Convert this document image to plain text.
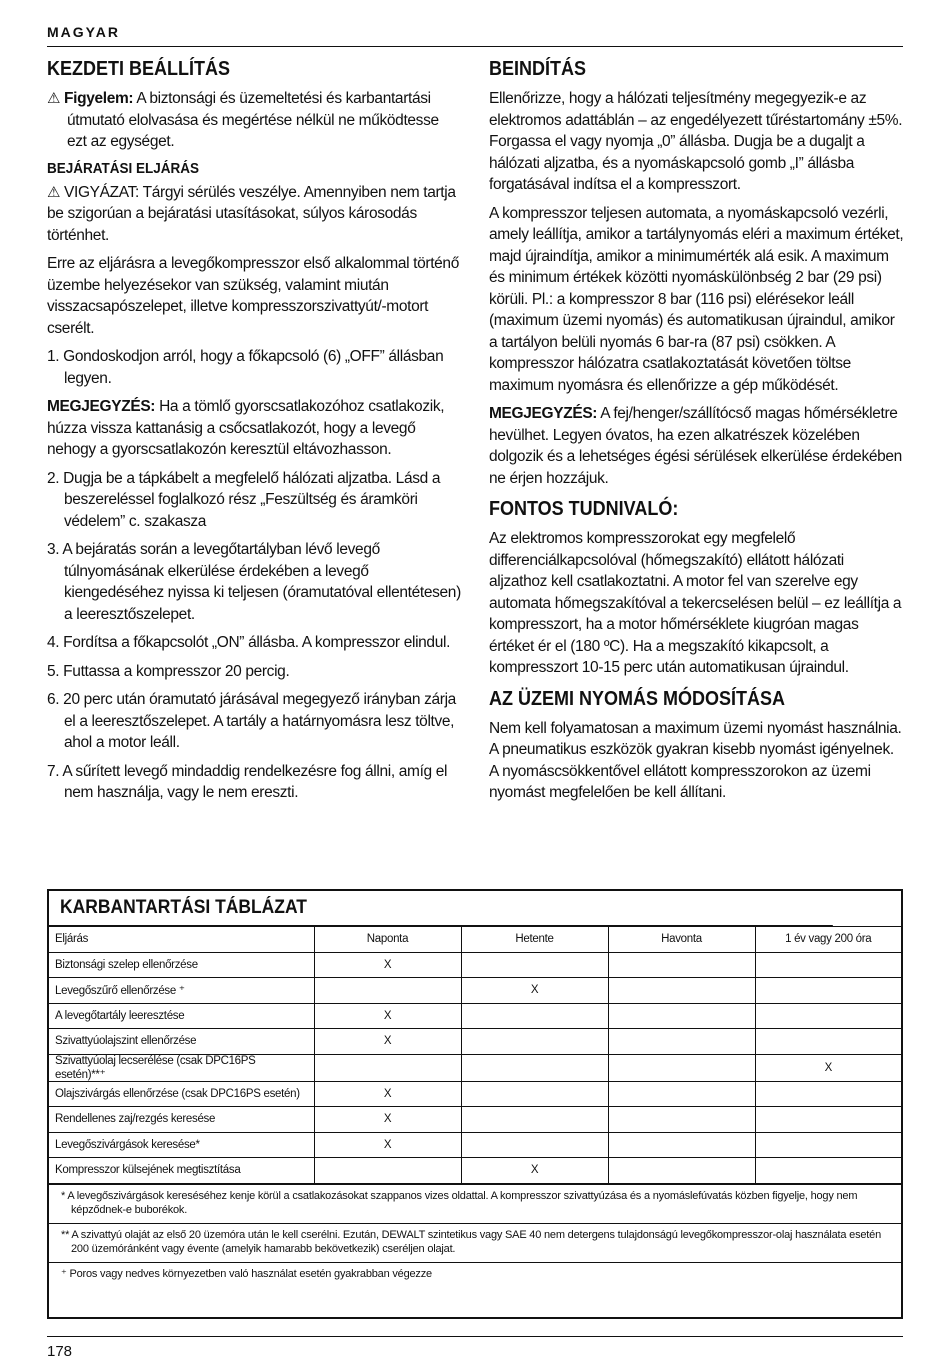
MAGYAR
KEZDETI BEÁLLÍTÁS

⚠ Figyelem: A biztonsági és üzemeltetési és karbantartási útmutató elolvasása és megértése nélkül ne működtesse ezt az egységet.

BEJÁRATÁSI ELJÁRÁS

⚠ VIGYÁZAT: Tárgyi sérülés veszélye. Amennyiben nem tartja be szigorúan a bejáratási utasításokat, súlyos károsodás történhet.

Erre az eljárásra a levegőkompresszor első alkalommal történő üzembe helyezésekor van szükség, valamint miután visszacsapószelepet, illetve kompresszorszivattyút/-motort cserélt.

1. Gondoskodjon arról, hogy a főkapcsoló (6) „OFF” állásban legyen.

MEGJEGYZÉS: Ha a tömlő gyorscsatlakozóhoz csatlakozik, húzza vissza kattanásig a csőcsatlakozót, hogy a levegő nehogy a gyorscsatlakozón keresztül eltávozhasson.

2. Dugja be a tápkábelt a megfelelő hálózati aljzatba. Lásd a beszereléssel foglalkozó rész „Feszültség és áramköri védelem” c. szakasza

3. A bejáratás során a levegőtartályban lévő levegő túlnyomásának elkerülése érdekében a levegő kiengedéséhez nyissa ki teljesen (óramutatóval ellentétesen) a leeresztőszelepet.

4. Fordítsa a főkapcsolót „ON” állásba. A kompresszor elindul.

5. Futtassa a kompresszor 20 percig.

6. 20 perc után óramutató járásával megegyező irányban zárja el a leeresztőszelepet. A tartály a határnyomásra lesz töltve, ahol a motor leáll.

7. A sűrített levegő mindaddig rendelkezésre fog állni, amíg el nem használja, vagy le nem ereszti.

BEINDÍTÁS

Ellenőrizze, hogy a hálózati teljesítmény megegyezik-e az elektromos adattáblán – az engedélyezett tűréstartomány ±5%. Forgassa el vagy nyomja „0” állásba. Dugja be a dugaljt a hálózati aljzatba, és a nyomáskapcsoló gomb „I” állásba forgatásával indítsa el a kompresszort.

A kompresszor teljesen automata, a nyomáskapcsoló vezérli, amely leállítja, amikor a tartálynyomás eléri a maximum értéket, majd újraindítja, amikor a minimumérték alá esik. A maximum és minimum értékek közötti nyomáskülönbség 2 bar (29 psi) körüli. Pl.: a kompresszor 8 bar (116 psi) elérésekor leáll (maximum üzemi nyomás) és automatikusan újraindul, amikor a tartályon belüli nyomás 6 bar-ra (87 psi) csökken. A kompresszor hálózatra csatlakoztatását követően töltse maximum nyomásra és ellenőrizze a gép működését.

MEGJEGYZÉS: A fej/henger/szállítócső magas hőmérsékletre hevülhet. Legyen óvatos, ha ezen alkatrészek közelében dolgozik és a lehetséges égési sérülések elkerülése érdekében ne érjen hozzájuk.

FONTOS TUDNIVALÓ:

Az elektromos kompresszorokat egy megfelelő differenciálkapcsolóval (hőmegszakító) ellátott hálózati aljzathoz kell csatlakoztatni. A motor fel van szerelve egy automata hőmegszakítóval a tekercselésen belül – ez leállítja a kompresszort, ha a motor hőmérséklete kiugróan magas értéket ér el (180 ºC). Ha a megszakító kikapcsolt, a kompresszort 10-15 perc után automatikusan újraindul.

AZ ÜZEMI NYOMÁS MÓDOSÍTÁSA

Nem kell folyamatosan a maximum üzemi nyomást használnia. A pneumatikus eszközök gyakran kisebb nyomást igényelnek. A nyomáscsökkentővel ellátott kompresszorokon az üzemi nyomást megfelelően be kell állítani.

KARBANTARTÁSI TÁBLÁZAT
Eljárás	Naponta	Hetente	Havonta	1 év vagy 200 óra
Biztonsági szelep ellenőrzése	X			
Levegőszűrő ellenőrzése ⁺		X		
A levegőtartály leeresztése	X			
Szivattyúolajszint ellenőrzése	X			
Szivattyúolaj lecserélése (csak DPC16PS esetén)**⁺				X
Olajszivárgás ellenőrzése (csak DPC16PS esetén)	X			
Rendellenes zaj/rezgés keresése	X			
Levegőszivárgások keresése*	X			
Kompresszor külsejének megtisztítása		X		
* A levegőszivárgások kereséséhez kenje körül a csatlakozásokat szappanos vizes oldattal. A kompresszor szivattyúzása és a nyomáslefúvatás közben figyelje, hogy nem képződnek-e buborékok.
** A szivattyú olaját az első 20 üzemóra után le kell cserélni. Ezután, DEWALT szintetikus vagy SAE 40 nem detergens tulajdonságú levegőkompresszor-olaj használata esetén 200 üzemóránként vagy évente (amelyik hamarabb bekövetkezik) cseréljen olajat.
⁺ Poros vagy nedves környezetben való használat esetén gyakrabban végezze
178
